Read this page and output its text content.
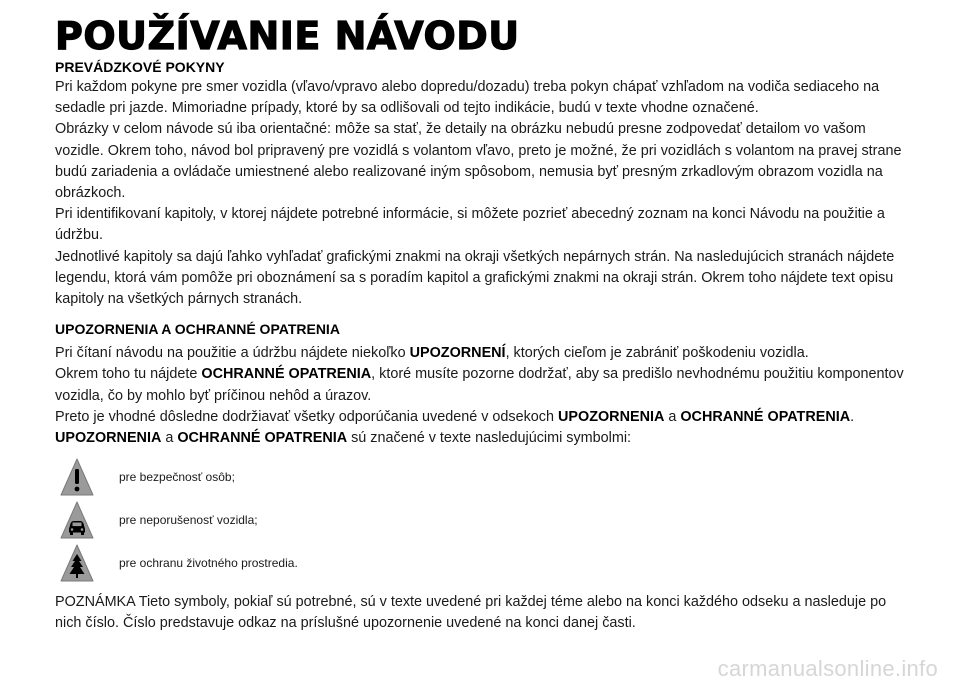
POUŽÍVANIE NÁVODU
PREVÁDZKOVÉ POKYNY

Pri každom pokyne pre smer vozidla (vľavo/vpravo alebo dopredu/dozadu) treba pokyn chápať vzhľadom na vodiča sediaceho na sedadle pri jazde. Mimoriadne prípady, ktoré by sa odlišovali od tejto indikácie, budú v texte vhodne označené.

Obrázky v celom návode sú iba orientačné: môže sa stať, že detaily na obrázku nebudú presne zodpovedať detailom vo vašom vozidle. Okrem toho, návod bol pripravený pre vozidlá s volantom vľavo, preto je možné, že pri vozidlách s volantom na pravej strane budú zariadenia a ovládače umiestnené alebo realizované iným spôsobom, nemusia byť presným zrkadlovým obrazom vozidla na obrázkoch.

Pri identifikovaní kapitoly, v ktorej nájdete potrebné informácie, si môžete pozrieť abecedný zoznam na konci Návodu na použitie a údržbu.

Jednotlivé kapitoly sa dajú ľahko vyhľadať grafickými znakmi na okraji všetkých nepárnych strán. Na nasledujúcich stranách nájdete legendu, ktorá vám pomôže pri oboznámení sa s poradím kapitol a grafickými znakmi na okraji strán. Okrem toho nájdete text opisu kapitoly na všetkých párnych stranách.

UPOZORNENIA A OCHRANNÉ OPATRENIA

Pri čítaní návodu na použitie a údržbu nájdete niekoľko UPOZORNENÍ, ktorých cieľom je zabrániť poškodeniu vozidla.

Okrem toho tu nájdete OCHRANNÉ OPATRENIA, ktoré musíte pozorne dodržať, aby sa predišlo nevhodnému použitiu komponentov vozidla, čo by mohlo byť príčinou nehôd a úrazov.

Preto je vhodné dôsledne dodržiavať všetky odporúčania uvedené v odsekoch UPOZORNENIA a OCHRANNÉ OPATRENIA.

UPOZORNENIA a OCHRANNÉ OPATRENIA sú značené v texte nasledujúcimi symbolmi:

pre bezpečnosť osôb;
pre neporušenosť vozidla;
pre ochranu životného prostredia.

POZNÁMKA Tieto symboly, pokiaľ sú potrebné, sú v texte uvedené pri každej téme alebo na konci každého odseku a nasleduje po nich číslo. Číslo predstavuje odkaz na príslušné upozornenie uvedené na konci danej časti.

carmanualsonline.info
